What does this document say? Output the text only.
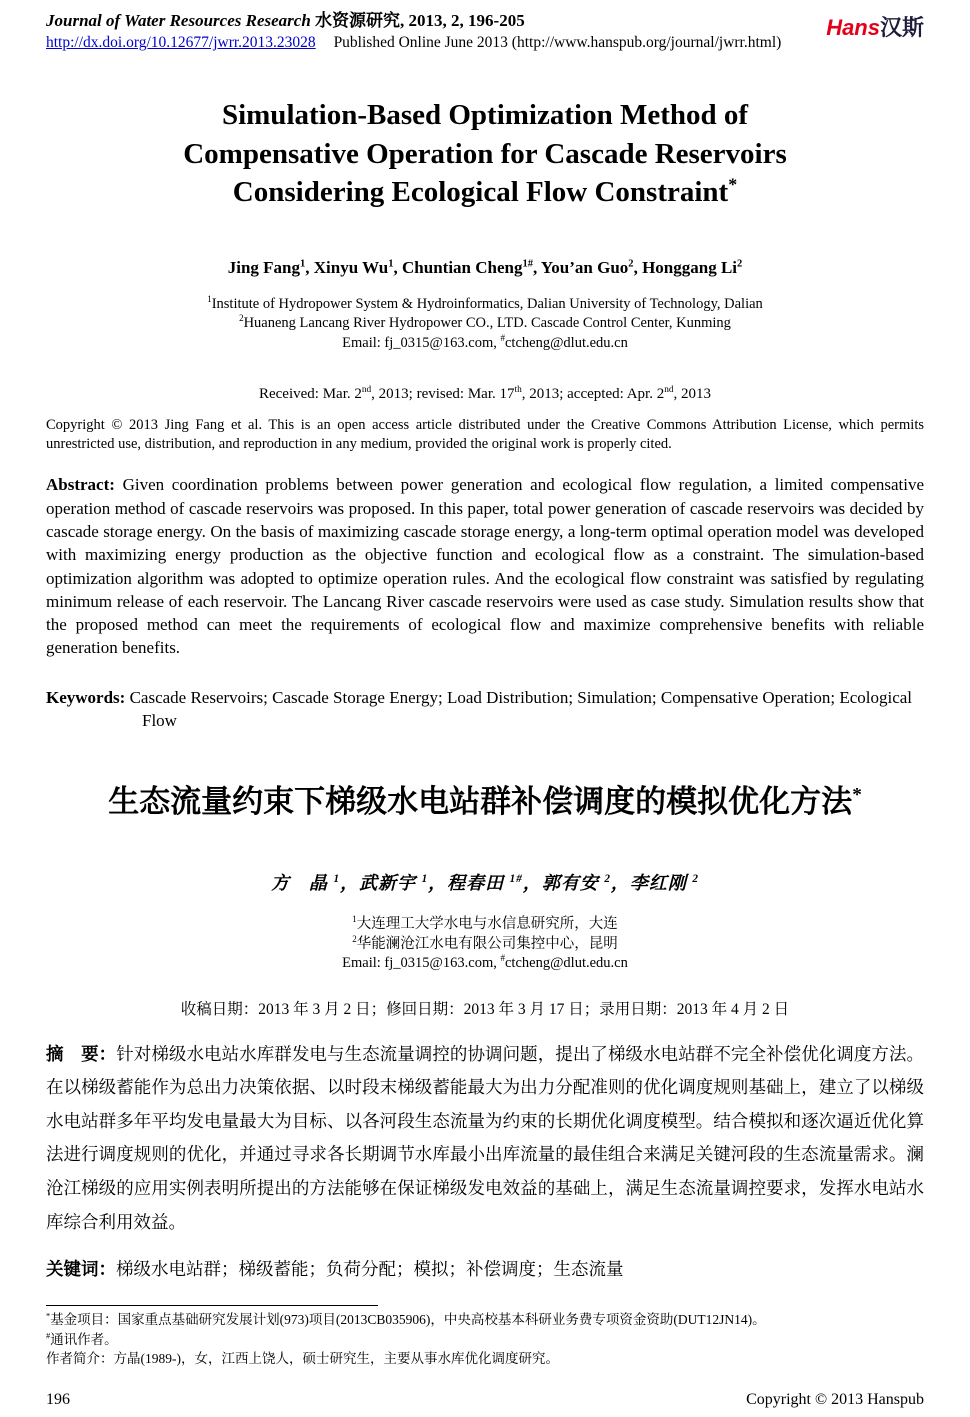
Journal of Water Resources Research 水资源研究, 2013, 2, 196-205
http://dx.doi.org/10.12677/jwrr.2013.23028 Published Online June 2013 (http://www.hanspub.org/journal/jwrr.html)
Hans汉斯
Simulation-Based Optimization Method of
Compensative Operation for Cascade Reservoirs
Considering Ecological Flow Constraint*
Jing Fang$^1$, Xinyu Wu$^1$, Chuntian Cheng$^{1\#}$, You’an Guo$^2$, Honggang Li$^2$
$^1$Institute of Hydropower System & Hydroinformatics, Dalian University of Technology, Dalian
$^2$Huaneng Lancang River Hydropower CO., LTD. Cascade Control Center, Kunming
Email: fj_0315@163.com, #ctcheng@dlut.edu.cn
Received: Mar. 2nd, 2013; revised: Mar. 17th, 2013; accepted: Apr. 2nd, 2013

Copyright © 2013 Jing Fang et al. This is an open access article distributed under the Creative Commons Attribution License, which permits unrestricted use, distribution, and reproduction in any medium, provided the original work is properly cited.

Abstract: Given coordination problems between power generation and ecological flow regulation, a limited compensative operation method of cascade reservoirs was proposed. In this paper, total power generation of cascade reservoirs was decided by cascade storage energy. On the basis of maximizing cascade storage energy, a long-term optimal operation model was developed with maximizing energy production as the objective function and ecological flow as a constraint. The simulation-based optimization algorithm was adopted to optimize operation rules. And the ecological flow constraint was satisfied by regulating minimum release of each reservoir. The Lancang River cascade reservoirs were used as case study. Simulation results show that the proposed method can meet the requirements of ecological flow and maximize comprehensive benefits with reliable generation benefits.

Keywords: Cascade Reservoirs; Cascade Storage Energy; Load Distribution; Simulation; Compensative Operation; Ecological Flow

生态流量约束下梯级水电站群补偿调度的模拟优化方法*
方　晶 $^1$，武新宇 $^1$，程春田 $^{1\#}$，郭有安 $^2$，李红刚 $^2$
$^1$大连理工大学水电与水信息研究所，大连
$^2$华能澜沧江水电有限公司集控中心，昆明
Email: fj_0315@163.com, #ctcheng@dlut.edu.cn
收稿日期：2013 年 3 月 2 日；修回日期：2013 年 3 月 17 日；录用日期：2013 年 4 月 2 日

摘　要：针对梯级水电站水库群发电与生态流量调控的协调问题，提出了梯级水电站群不完全补偿优化调度方法。在以梯级蓄能作为总出力决策依据、以时段末梯级蓄能最大为出力分配准则的优化调度规则基础上，建立了以梯级水电站群多年平均发电量最大为目标、以各河段生态流量为约束的长期优化调度模型。结合模拟和逐次逼近优化算法进行调度规则的优化，并通过寻求各长期调节水库最小出库流量的最佳组合来满足关键河段的生态流量需求。澜沧江梯级的应用实例表明所提出的方法能够在保证梯级发电效益的基础上，满足生态流量调控要求，发挥水电站水库综合利用效益。

关键词：梯级水电站群；梯级蓄能；负荷分配；模拟；补偿调度；生态流量

*基金项目：国家重点基础研究发展计划(973)项目(2013CB035906)，中央高校基本科研业务费专项资金资助(DUT12JN14)。
#通讯作者。
作者简介：方晶(1989-)，女，江西上饶人，硕士研究生，主要从事水库优化调度研究。
196	Copyright © 2013 Hanspub
